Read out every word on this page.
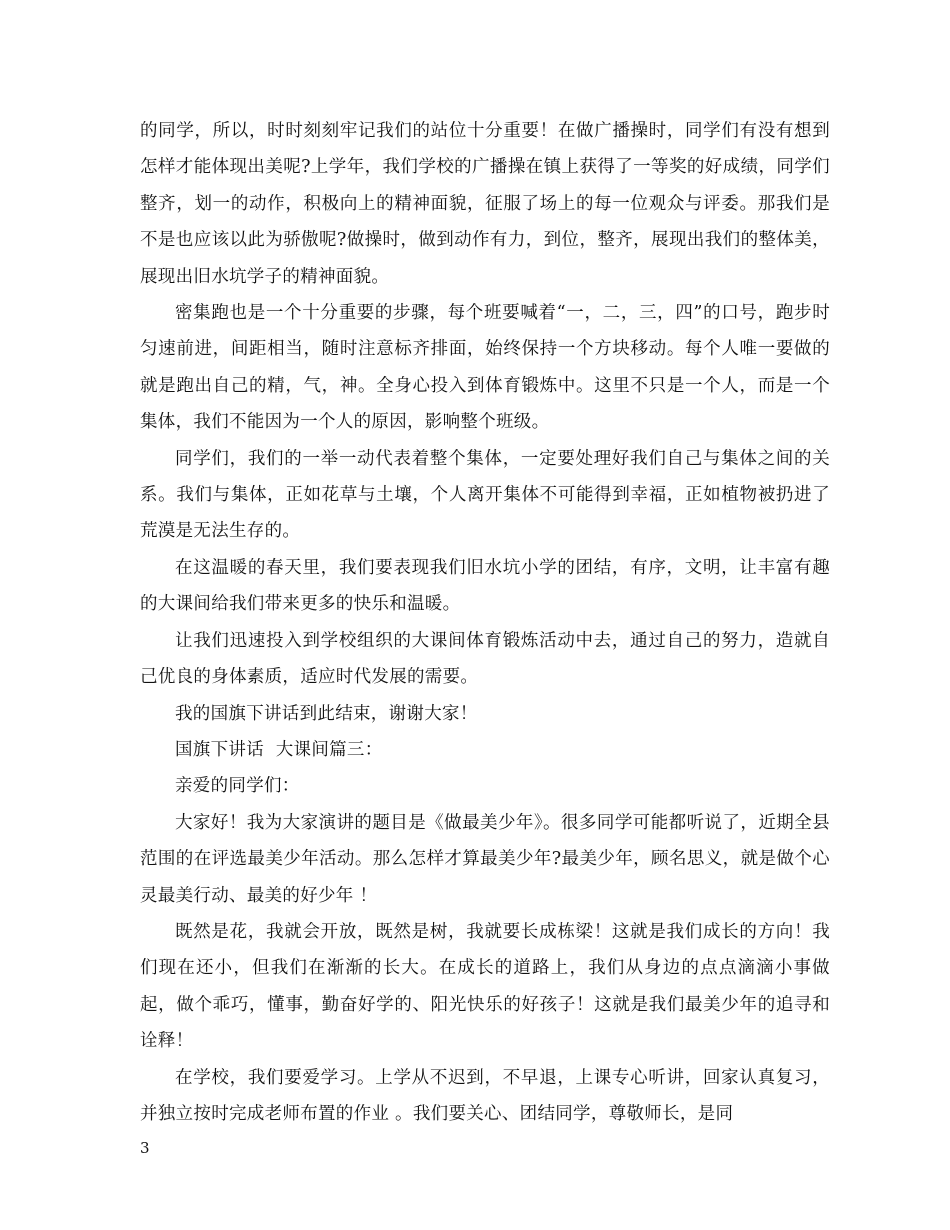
的同学，所以，时时刻刻牢记我们的站位十分重要！在做广播操时，同学们有没有想到怎样才能体现出美呢?上学年，我们学校的广播操在镇上获得了一等奖的好成绩，同学们整齐，划一的动作，积极向上的精神面貌，征服了场上的每一位观众与评委。那我们是不是也应该以此为骄傲呢?做操时，做到动作有力，到位，整齐，展现出我们的整体美，展现出旧水坑学子的精神面貌。

密集跑也是一个十分重要的步骤，每个班要喊着“一，二，三，四”的口号，跑步时匀速前进，间距相当，随时注意标齐排面，始终保持一个方块移动。每个人唯一要做的就是跑出自己的精，气，神。全身心投入到体育锻炼中。这里不只是一个人，而是一个集体，我们不能因为一个人的原因，影响整个班级。

同学们，我们的一举一动代表着整个集体，一定要处理好我们自己与集体之间的关系。我们与集体，正如花草与土壤，个人离开集体不可能得到幸福，正如植物被扔进了荒漠是无法生存的。

在这温暖的春天里，我们要表现我们旧水坑小学的团结，有序，文明，让丰富有趣的大课间给我们带来更多的快乐和温暖。

让我们迅速投入到学校组织的大课间体育锻炼活动中去，通过自己的努力，造就自己优良的身体素质，适应时代发展的需要。

我的国旗下讲话到此结束，谢谢大家！

国旗下讲话  大课间篇三：

亲爱的同学们：

大家好！我为大家演讲的题目是《做最美少年》。很多同学可能都听说了，近期全县范围的在评选最美少年活动。那么怎样才算最美少年?最美少年，顾名思义，就是做个心灵最美行动、最美的好少年 ！

既然是花，我就会开放，既然是树，我就要长成栋梁！这就是我们成长的方向！我们现在还小，但我们在渐渐的长大。在成长的道路上，我们从身边的点点滴滴小事做起，做个乖巧，懂事，勤奋好学的、阳光快乐的好孩子！这就是我们最美少年的追寻和诠释！

在学校，我们要爱学习。上学从不迟到，不早退，上课专心听讲，回家认真复习，并独立按时完成老师布置的作业 。我们要关心、团结同学，尊敬师长，是同

3
